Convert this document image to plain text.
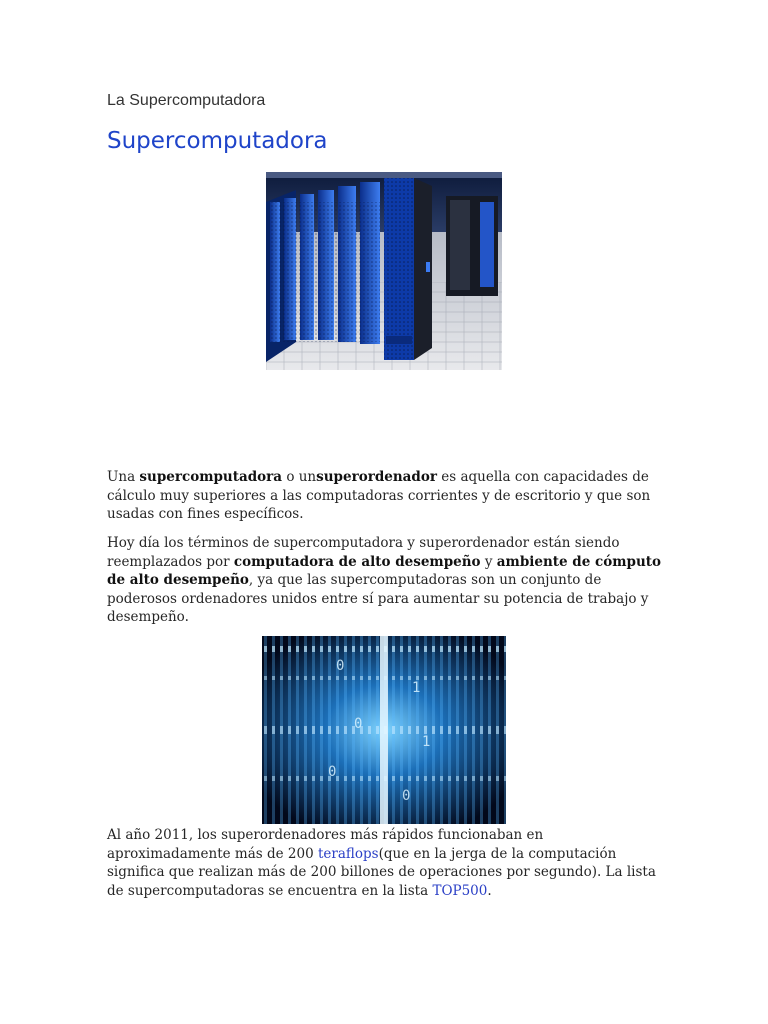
La Supercomputadora
Supercomputadora

Una supercomputadora o unsuperordenador es aquella con capacidades de cálculo muy superiores a las computadoras corrientes y de escritorio y que son usadas con fines específicos.

Hoy día los términos de supercomputadora y superordenador están siendo reemplazados por computadora de alto desempeño y ambiente de cómputo de alto desempeño, ya que las supercomputadoras son un conjunto de poderosos ordenadores unidos entre sí para aumentar su potencia de trabajo y desempeño.

0
1
0
1
0
0

Al año 2011, los superordenadores más rápidos funcionaban en aproximadamente más de 200 teraflops(que en la jerga de la computación significa que realizan más de 200 billones de operaciones por segundo). La lista de supercomputadoras se encuentra en la lista TOP500.
